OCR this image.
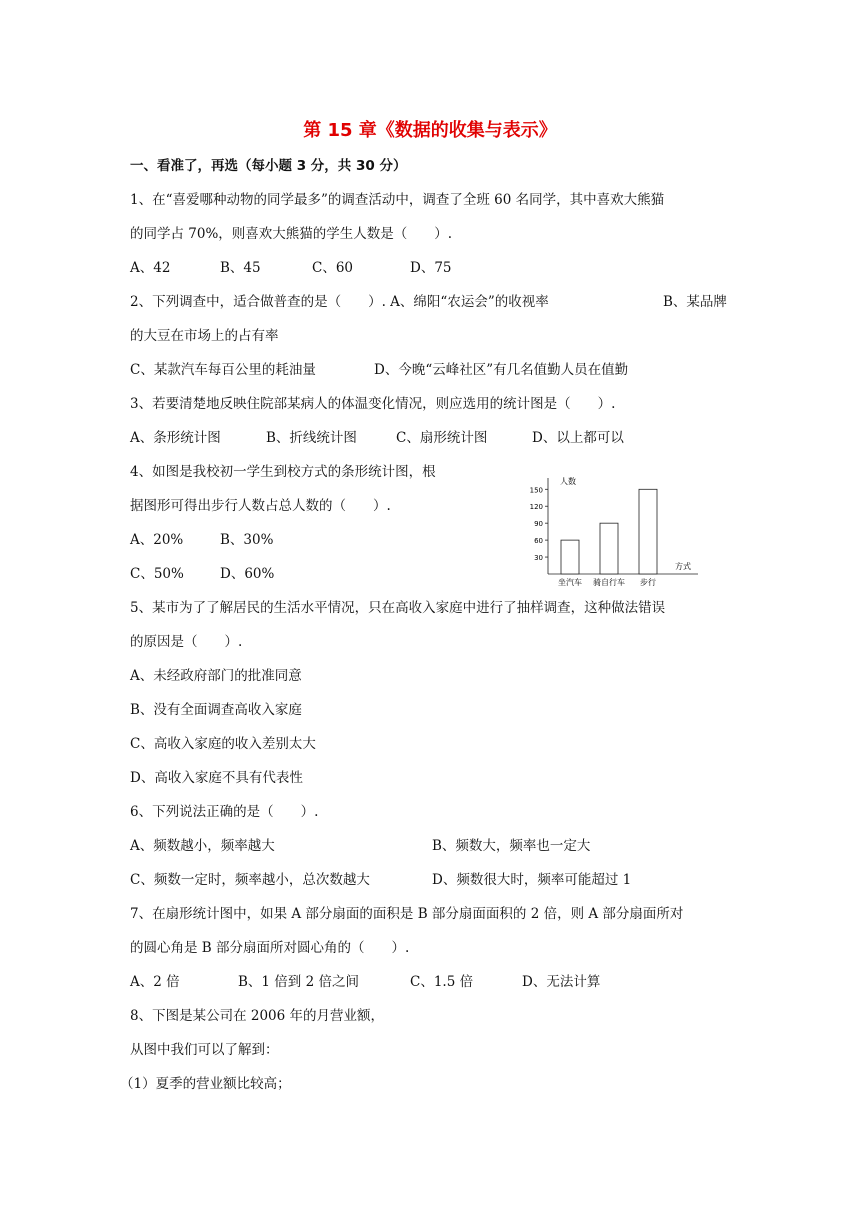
第 15 章《数据的收集与表示》
一、看准了，再选（每小题 3 分，共 30 分）
1、在“喜爱哪种动物的同学最多”的调查活动中，调查了全班 60 名同学，其中喜欢大熊猫
的同学占 70%，则喜欢大熊猫的学生人数是（　　）.
A、42	B、45	C、60	D、75
2、下列调查中，适合做普查的是（　　）. A、绵阳“农运会”的收视率	B、某品牌
的大豆在市场上的占有率
C、某款汽车每百公里的耗油量	D、今晚“云峰社区”有几名值勤人员在值勤
3、若要清楚地反映住院部某病人的体温变化情况，则应选用的统计图是（　　）.
A、条形统计图	B、折线统计图	C、扇形统计图	D、以上都可以
4、如图是我校初一学生到校方式的条形统计图，根
据图形可得出步行人数占总人数的（　　）.
A、20%	B、30%
C、50%	D、60%
人数
方式
30
60
90
120
150
坐汽车 骑自行车 步行
5、某市为了了解居民的生活水平情况，只在高收入家庭中进行了抽样调查，这种做法错误
的原因是（　　）.
A、未经政府部门的批准同意
B、没有全面调查高收入家庭
C、高收入家庭的收入差别太大
D、高收入家庭不具有代表性
6、下列说法正确的是（　　）.
A、频数越小，频率越大	B、频数大，频率也一定大
C、频数一定时，频率越小，总次数越大	D、频数很大时，频率可能超过 1
7、在扇形统计图中，如果 A 部分扇面的面积是 B 部分扇面面积的 2 倍，则 A 部分扇面所对
的圆心角是 B 部分扇面所对圆心角的（　　）.
A、2 倍	B、1 倍到 2 倍之间	C、1.5 倍	D、无法计算
8、下图是某公司在 2006 年的月营业额，
从图中我们可以了解到：
（1）夏季的营业额比较高；
